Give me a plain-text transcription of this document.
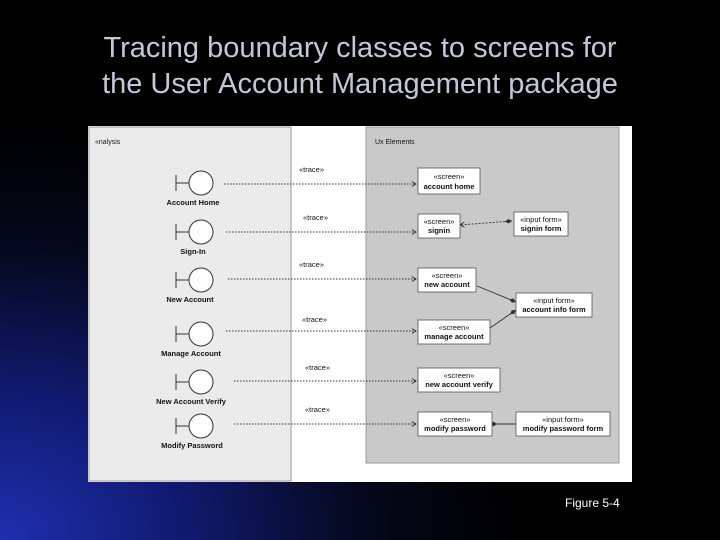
Tracing boundary classes to screens for
the User Account Management package
«nalysis	Ux Elements
Account Home
Sign-In
New Account
Manage Account
New Account Verify
Modify Password
«trace»
«trace»
«trace»
«trace»
«trace»
«trace»
«screen»
account home
«screen»
signin
«screen»
new account
«screen»
manage account
«screen»
new account verify
«screen»
modify password
«input form»
signin form
«input form»
account info form
«input form»
modify password form
Figure 5-4
